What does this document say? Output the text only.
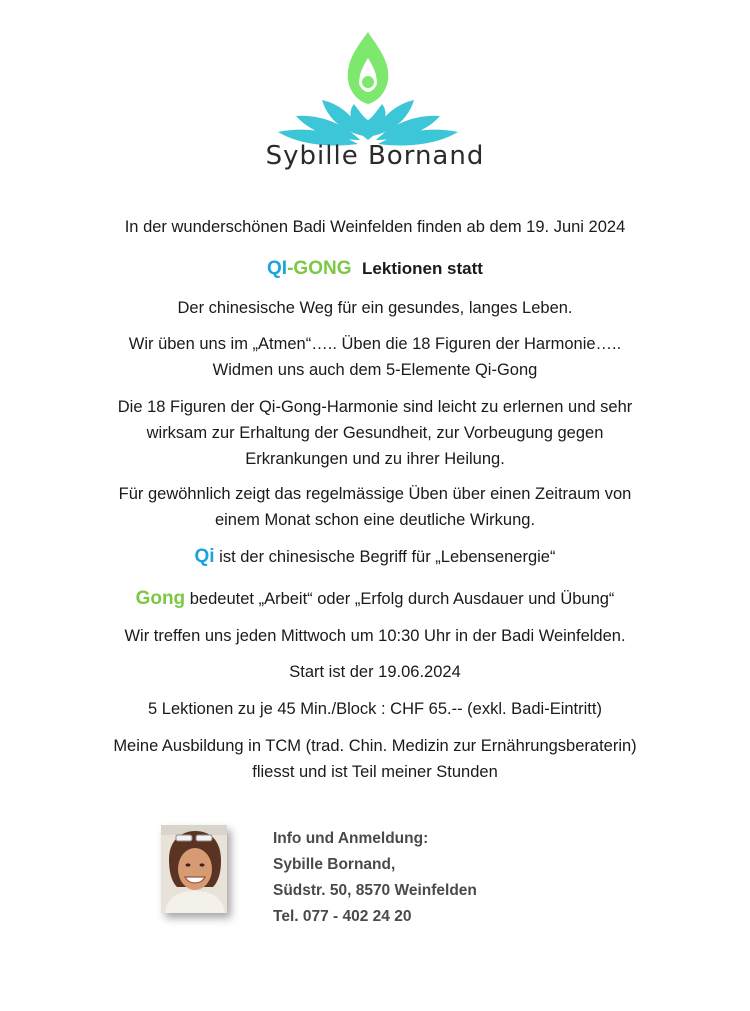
Sybille Bornand
In der wunderschönen Badi Weinfelden finden ab dem 19. Juni 2024
QI-GONG Lektionen statt
Der chinesische Weg für ein gesundes, langes Leben.
Wir üben uns im „Atmen“….. Üben die 18 Figuren der Harmonie…..
Widmen uns auch dem 5-Elemente Qi-Gong
Die 18 Figuren der Qi-Gong-Harmonie sind leicht zu erlernen und sehr
wirksam zur Erhaltung der Gesundheit, zur Vorbeugung gegen
Erkrankungen und zu ihrer Heilung.
Für gewöhnlich zeigt das regelmässige Üben über einen Zeitraum von
einem Monat schon eine deutliche Wirkung.
Qi ist der chinesische Begriff für „Lebensenergie“
Gong bedeutet „Arbeit“ oder „Erfolg durch Ausdauer und Übung“
Wir treffen uns jeden Mittwoch um 10:30 Uhr in der Badi Weinfelden.
Start ist der 19.06.2024
5 Lektionen zu je 45 Min./Block : CHF 65.-- (exkl. Badi-Eintritt)
Meine Ausbildung in TCM (trad. Chin. Medizin zur Ernährungsberaterin)
fliesst und ist Teil meiner Stunden
Info und Anmeldung:
Sybille Bornand,
Südstr. 50, 8570 Weinfelden
Tel. 077 - 402 24 20
